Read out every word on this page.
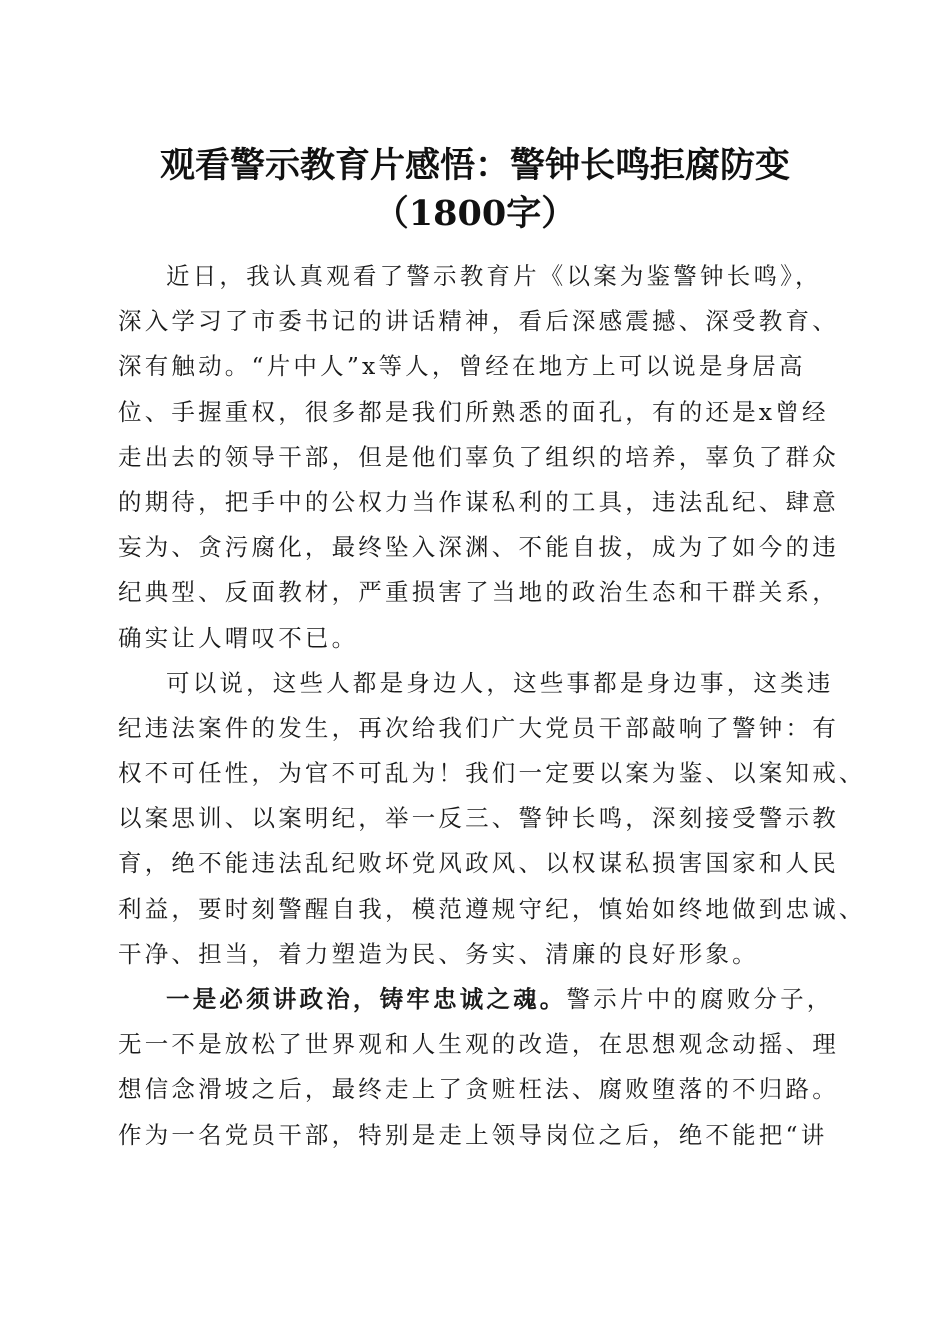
观看警示教育片感悟：警钟长鸣拒腐防变
（1800字）
近日，我认真观看了警示教育片《以案为鉴警钟长鸣》，
深入学习了市委书记的讲话精神，看后深感震撼、深受教育、
深有触动。“片中人”x等人，曾经在地方上可以说是身居高
位、手握重权，很多都是我们所熟悉的面孔，有的还是x曾经
走出去的领导干部，但是他们辜负了组织的培养，辜负了群众
的期待，把手中的公权力当作谋私利的工具，违法乱纪、肆意
妄为、贪污腐化，最终坠入深渊、不能自拔，成为了如今的违
纪典型、反面教材，严重损害了当地的政治生态和干群关系，
确实让人喟叹不已。
可以说，这些人都是身边人，这些事都是身边事，这类违
纪违法案件的发生，再次给我们广大党员干部敲响了警钟：有
权不可任性，为官不可乱为！我们一定要以案为鉴、以案知戒、
以案思训、以案明纪，举一反三、警钟长鸣，深刻接受警示教
育，绝不能违法乱纪败坏党风政风、以权谋私损害国家和人民
利益，要时刻警醒自我，模范遵规守纪，慎始如终地做到忠诚、
干净、担当，着力塑造为民、务实、清廉的良好形象。
一是必须讲政治，铸牢忠诚之魂。警示片中的腐败分子，
无一不是放松了世界观和人生观的改造，在思想观念动摇、理
想信念滑坡之后，最终走上了贪赃枉法、腐败堕落的不归路。
作为一名党员干部，特别是走上领导岗位之后，绝不能把“讲
